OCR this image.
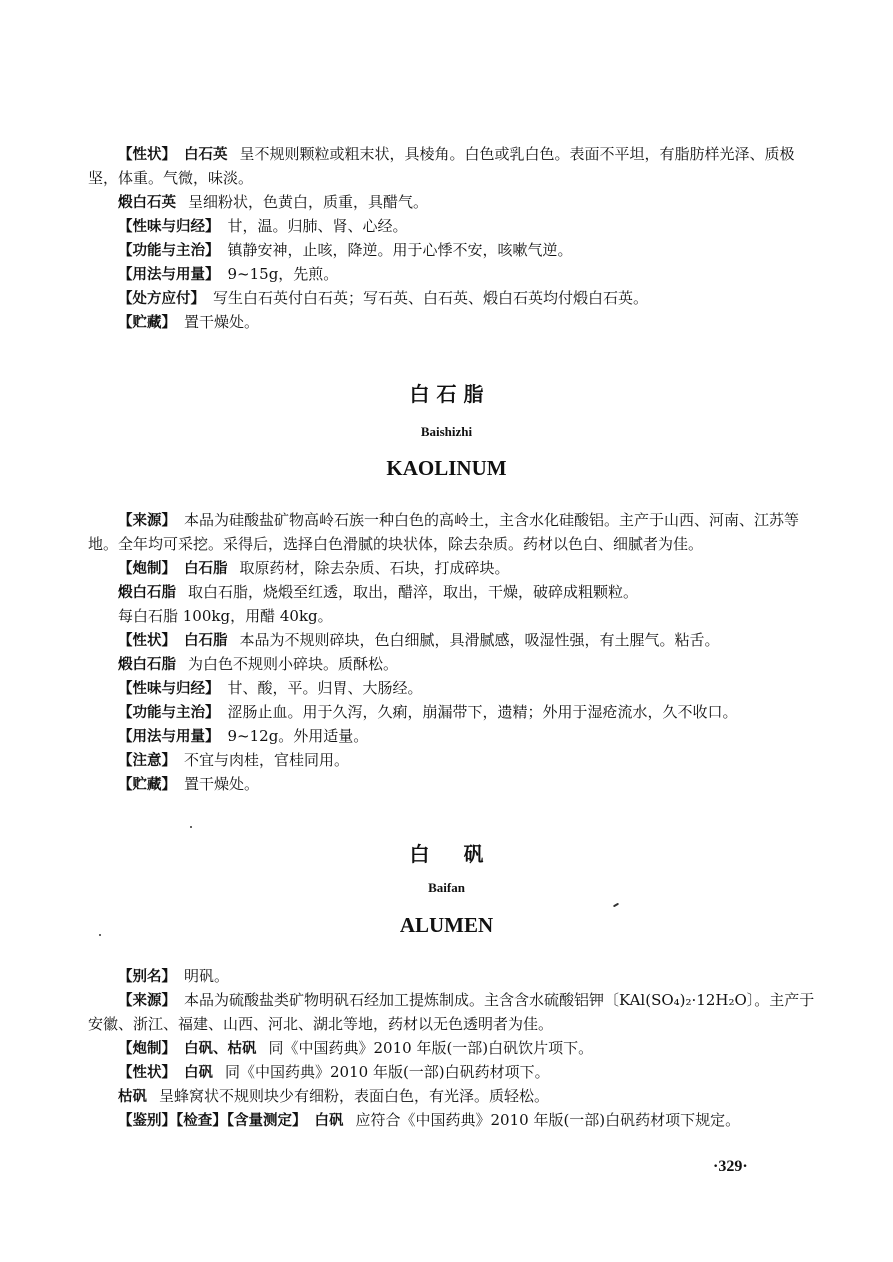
【性状】 白石英 呈不规则颗粒或粗末状，具棱角。白色或乳白色。表面不平坦，有脂肪样光泽、质极
坚，体重。气微，味淡。
煅白石英 呈细粉状，色黄白，质重，具醋气。
【性味与归经】 甘，温。归肺、肾、心经。
【功能与主治】 镇静安神，止咳，降逆。用于心悸不安，咳嗽气逆。
【用法与用量】 9~15g，先煎。
【处方应付】 写生白石英付白石英；写石英、白石英、煅白石英均付煅白石英。
【贮藏】 置干燥处。
白 石 脂
Baishizhi
KAOLINUM
【来源】 本品为硅酸盐矿物高岭石族一种白色的高岭土，主含水化硅酸铝。主产于山西、河南、江苏等
地。全年均可采挖。采得后，选择白色滑腻的块状体，除去杂质。药材以色白、细腻者为佳。
【炮制】 白石脂 取原药材，除去杂质、石块，打成碎块。
煅白石脂 取白石脂，烧煅至红透，取出，醋淬，取出，干燥，破碎成粗颗粒。
每白石脂 100kg，用醋 40kg。
【性状】 白石脂 本品为不规则碎块，色白细腻，具滑腻感，吸湿性强，有土腥气。粘舌。
煅白石脂 为白色不规则小碎块。质酥松。
【性味与归经】 甘、酸，平。归胃、大肠经。
【功能与主治】 涩肠止血。用于久泻，久痢，崩漏带下，遗精；外用于湿疮流水，久不收口。
【用法与用量】 9~12g。外用适量。
【注意】 不宜与肉桂，官桂同用。
【贮藏】 置干燥处。
白 　 矾
Baifan
ALUMEN
【别名】 明矾。
【来源】 本品为硫酸盐类矿物明矾石经加工提炼制成。主含含水硫酸铝钾〔KAl(SO₄)₂·12H₂O〕。主产于
安徽、浙江、福建、山西、河北、湖北等地，药材以无色透明者为佳。
【炮制】 白矾、枯矾 同《中国药典》2010 年版(一部)白矾饮片项下。
【性状】 白矾 同《中国药典》2010 年版(一部)白矾药材项下。
枯矾 呈蜂窝状不规则块少有细粉，表面白色，有光泽。质轻松。
【鉴别】【检查】【含量测定】 白矾 应符合《中国药典》2010 年版(一部)白矾药材项下规定。
·329·
